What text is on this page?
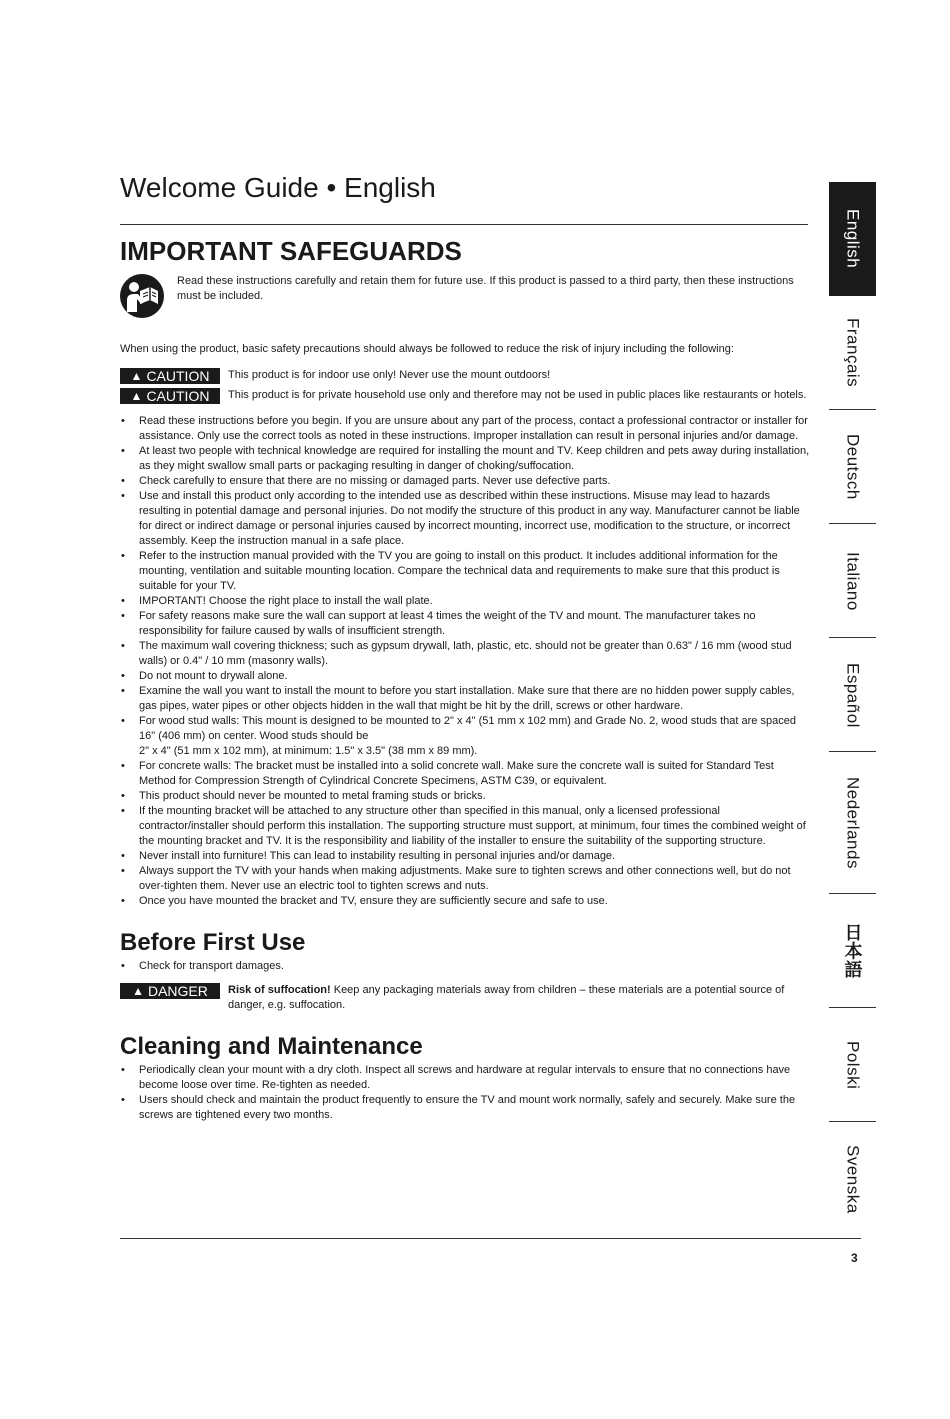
Welcome Guide • English
IMPORTANT SAFEGUARDS
Read these instructions carefully and retain them for future use. If this product is passed to a third party, then these instructions must be included.
When using the product, basic safety precautions should always be followed to reduce the risk of injury including the following:
▲ CAUTION This product is for indoor use only! Never use the mount outdoors!
▲ CAUTION This product is for private household use only and therefore may not be used in public places like restaurants or hotels.
• Read these instructions before you begin. If you are unsure about any part of the process, contact a professional contractor or installer for assistance. Only use the correct tools as noted in these instructions. Improper installation can result in personal injuries and/or damage.
• At least two people with technical knowledge are required for installing the mount and TV. Keep children and pets away during installation, as they might swallow small parts or packaging resulting in danger of choking/suffocation.
• Check carefully to ensure that there are no missing or damaged parts. Never use defective parts.
• Use and install this product only according to the intended use as described within these instructions. Misuse may lead to hazards resulting in potential damage and personal injuries. Do not modify the structure of this product in any way. Manufacturer cannot be liable for direct or indirect damage or personal injuries caused by incorrect mounting, incorrect use, modification to the structure, or incorrect assembly. Keep the instruction manual in a safe place.
• Refer to the instruction manual provided with the TV you are going to install on this product. It includes additional information for the mounting, ventilation and suitable mounting location. Compare the technical data and requirements to make sure that this product is suitable for your TV.
• IMPORTANT! Choose the right place to install the wall plate.
• For safety reasons make sure the wall can support at least 4 times the weight of the TV and mount. The manufacturer takes no responsibility for failure caused by walls of insufficient strength.
• The maximum wall covering thickness; such as gypsum drywall, lath, plastic, etc. should not be greater than 0.63" / 16 mm (wood stud walls) or 0.4" / 10 mm (masonry walls).
• Do not mount to drywall alone.
• Examine the wall you want to install the mount to before you start installation. Make sure that there are no hidden power supply cables, gas pipes, water pipes or other objects hidden in the wall that might be hit by the drill, screws or other hardware.
• For wood stud walls: This mount is designed to be mounted to 2" x 4" (51 mm x 102 mm) and Grade No. 2, wood studs that are spaced 16" (406 mm) on center. Wood studs should be
2" x 4" (51 mm x 102 mm), at minimum: 1.5" x 3.5" (38 mm x 89 mm).
• For concrete walls: The bracket must be installed into a solid concrete wall. Make sure the concrete wall is suited for Standard Test Method for Compression Strength of Cylindrical Concrete Specimens, ASTM C39, or equivalent.
• This product should never be mounted to metal framing studs or bricks.
• If the mounting bracket will be attached to any structure other than specified in this manual, only a licensed professional contractor/installer should perform this installation. The supporting structure must support, at minimum, four times the combined weight of the mounting bracket and TV. It is the responsibility and liability of the installer to ensure the suitability of the supporting structure.
• Never install into furniture! This can lead to instability resulting in personal injuries and/or damage.
• Always support the TV with your hands when making adjustments. Make sure to tighten screws and other connections well, but do not over-tighten them. Never use an electric tool to tighten screws and nuts.
• Once you have mounted the bracket and TV, ensure they are sufficiently secure and safe to use.
Before First Use
• Check for transport damages.
▲ DANGER Risk of suffocation! Keep any packaging materials away from children – these materials are a potential source of danger, e.g. suffocation.
Cleaning and Maintenance
• Periodically clean your mount with a dry cloth. Inspect all screws and hardware at regular intervals to ensure that no connections have become loose over time. Re-tighten as needed.
• Users should check and maintain the product frequently to ensure the TV and mount work normally, safely and securely. Make sure the screws are tightened every two months.
English
Français
Deutsch
Italiano
Español
Nederlands
日本語
Polski
Svenska
3
